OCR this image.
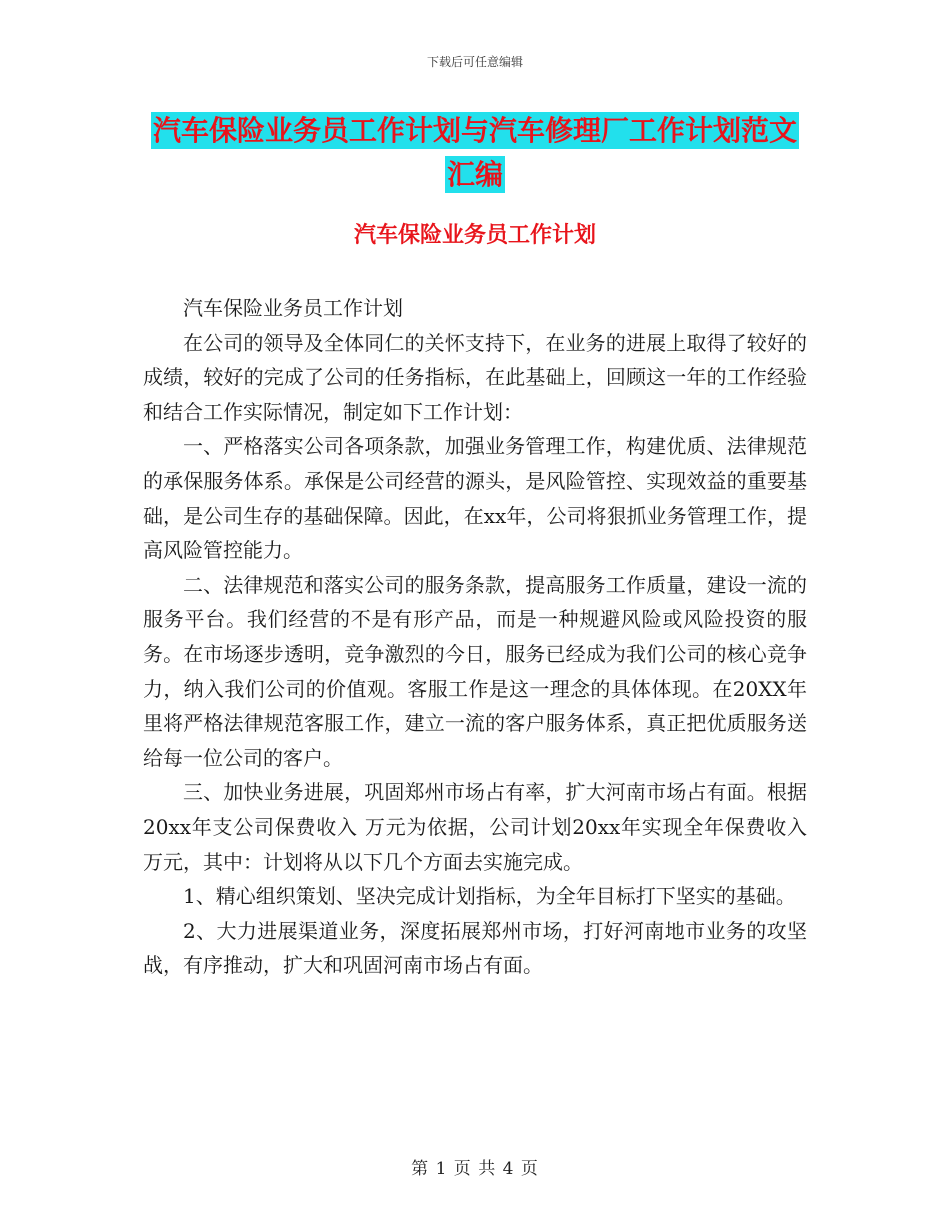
下载后可任意编辑
汽车保险业务员工作计划与汽车修理厂工作计划范文
汇编
汽车保险业务员工作计划

汽车保险业务员工作计划

在公司的领导及全体同仁的关怀支持下，在业务的进展上取得了较好的成绩，较好的完成了公司的任务指标，在此基础上，回顾这一年的工作经验和结合工作实际情况，制定如下工作计划：

一、严格落实公司各项条款，加强业务管理工作，构建优质、法律规范的承保服务体系。承保是公司经营的源头，是风险管控、实现效益的重要基础，是公司生存的基础保障。因此，在xx年，公司将狠抓业务管理工作，提高风险管控能力。

二、法律规范和落实公司的服务条款，提高服务工作质量，建设一流的服务平台。我们经营的不是有形产品，而是一种规避风险或风险投资的服务。在市场逐步透明，竞争激烈的今日，服务已经成为我们公司的核心竞争力，纳入我们公司的价值观。客服工作是这一理念的具体体现。在20XX年里将严格法律规范客服工作，建立一流的客户服务体系，真正把优质服务送给每一位公司的客户。

三、加快业务进展，巩固郑州市场占有率，扩大河南市场占有面。根据20xx年支公司保费收入 万元为依据，公司计划20xx年实现全年保费收入 万元，其中：计划将从以下几个方面去实施完成。

1、精心组织策划、坚决完成计划指标，为全年目标打下坚实的基础。

2、大力进展渠道业务，深度拓展郑州市场，打好河南地市业务的攻坚战，有序推动，扩大和巩固河南市场占有面。

第 1 页 共 4 页
